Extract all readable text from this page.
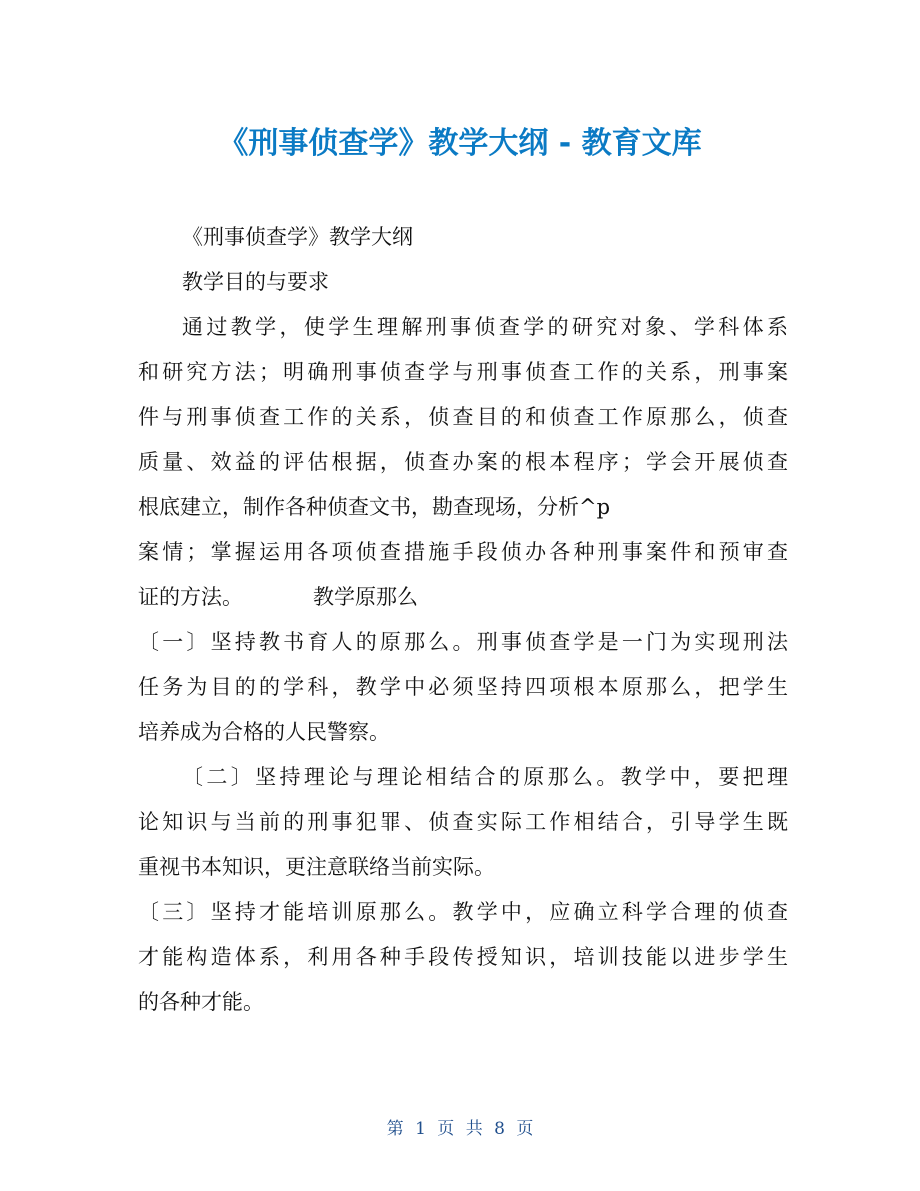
《刑事侦查学》教学大纲 - 教育文库
《刑事侦查学》教学大纲
教学目的与要求
通过教学，使学生理解刑事侦查学的研究对象、学科体系
和研究方法；明确刑事侦查学与刑事侦查工作的关系，刑事案
件与刑事侦查工作的关系，侦查目的和侦查工作原那么，侦查
质量、效益的评估根据，侦查办案的根本程序；学会开展侦查
根底建立，制作各种侦查文书，勘查现场，分析^p
案情；掌握运用各项侦查措施手段侦办各种刑事案件和预审查
证的方法。	教学原那么
〔一〕坚持教书育人的原那么。刑事侦查学是一门为实现刑法
任务为目的的学科，教学中必须坚持四项根本原那么，把学生
培养成为合格的人民警察。
〔二〕坚持理论与理论相结合的原那么。教学中，要把理
论知识与当前的刑事犯罪、侦查实际工作相结合，引导学生既
重视书本知识，更注意联络当前实际。
〔三〕坚持才能培训原那么。教学中，应确立科学合理的侦查
才能构造体系，利用各种手段传授知识，培训技能以进步学生
的各种才能。
第 1 页 共 8 页
